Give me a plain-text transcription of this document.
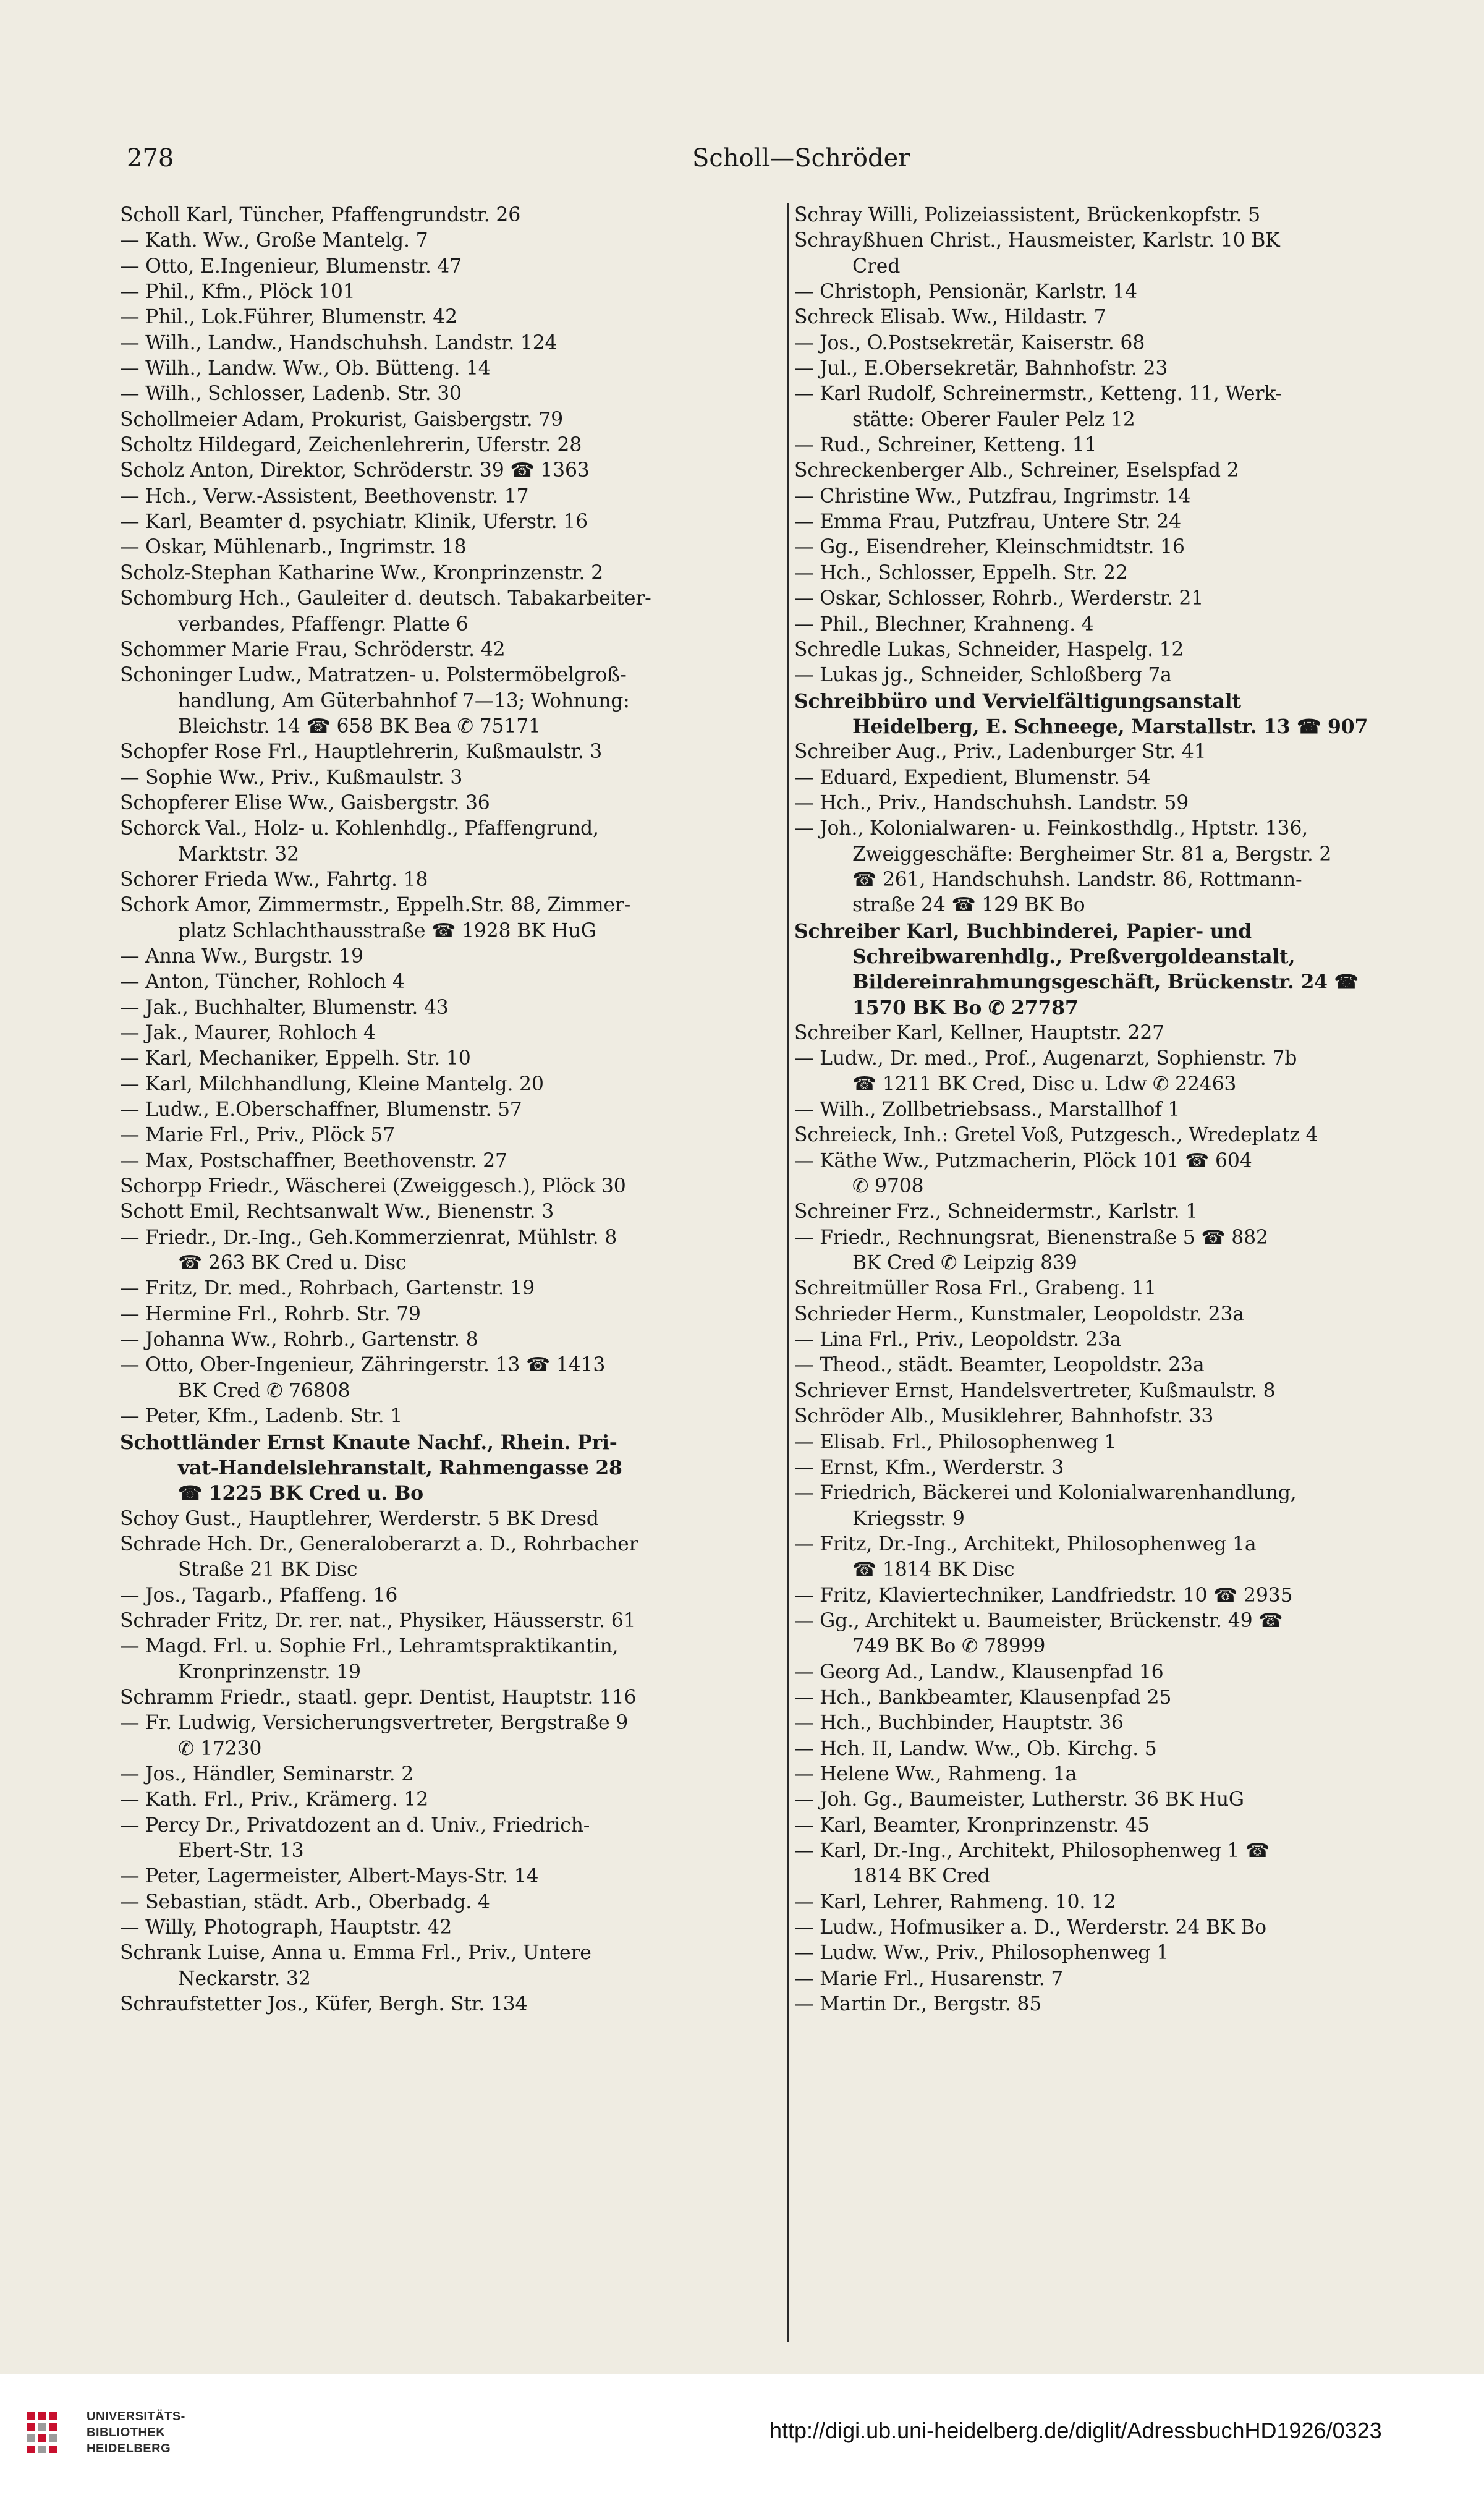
278	Scholl—Schröder
Scholl Karl, Tüncher, Pfaffengrundstr. 26
— Kath. Ww., Große Mantelg. 7
— Otto, E.Ingenieur, Blumenstr. 47
— Phil., Kfm., Plöck 101
— Phil., Lok.Führer, Blumenstr. 42
— Wilh., Landw., Handschuhsh. Landstr. 124
— Wilh., Landw. Ww., Ob. Bütteng. 14
— Wilh., Schlosser, Ladenb. Str. 30
Schollmeier Adam, Prokurist, Gaisbergstr. 79
Scholtz Hildegard, Zeichenlehrerin, Uferstr. 28
Scholz Anton, Direktor, Schröderstr. 39 ☎ 1363
— Hch., Verw.-Assistent, Beethovenstr. 17
— Karl, Beamter d. psychiatr. Klinik, Uferstr. 16
— Oskar, Mühlenarb., Ingrimstr. 18
Scholz-Stephan Katharine Ww., Kronprinzenstr. 2
Schomburg Hch., Gauleiter d. deutsch. Tabakarbeiter-
verbandes, Pfaffengr. Platte 6
Schommer Marie Frau, Schröderstr. 42
Schoninger Ludw., Matratzen- u. Polstermöbelgroß-
handlung, Am Güterbahnhof 7—13; Wohnung:
Bleichstr. 14 ☎ 658 BK Bea ✆ 75171
Schopfer Rose Frl., Hauptlehrerin, Kußmaulstr. 3
— Sophie Ww., Priv., Kußmaulstr. 3
Schopferer Elise Ww., Gaisbergstr. 36
Schorck Val., Holz- u. Kohlenhdlg., Pfaffengrund,
Marktstr. 32
Schorer Frieda Ww., Fahrtg. 18
Schork Amor, Zimmermstr., Eppelh.Str. 88, Zimmer-
platz Schlachthausstraße ☎ 1928 BK HuG
— Anna Ww., Burgstr. 19
— Anton, Tüncher, Rohloch 4
— Jak., Buchhalter, Blumenstr. 43
— Jak., Maurer, Rohloch 4
— Karl, Mechaniker, Eppelh. Str. 10
— Karl, Milchhandlung, Kleine Mantelg. 20
— Ludw., E.Oberschaffner, Blumenstr. 57
— Marie Frl., Priv., Plöck 57
— Max, Postschaffner, Beethovenstr. 27
Schorpp Friedr., Wäscherei (Zweiggesch.), Plöck 30
Schott Emil, Rechtsanwalt Ww., Bienenstr. 3
— Friedr., Dr.-Ing., Geh.Kommerzienrat, Mühlstr. 8
☎ 263 BK Cred u. Disc
— Fritz, Dr. med., Rohrbach, Gartenstr. 19
— Hermine Frl., Rohrb. Str. 79
— Johanna Ww., Rohrb., Gartenstr. 8
— Otto, Ober-Ingenieur, Zähringerstr. 13 ☎ 1413
BK Cred ✆ 76808
— Peter, Kfm., Ladenb. Str. 1
Schottländer Ernst Knaute Nachf., Rhein. Pri-
vat-Handelslehranstalt, Rahmengasse 28
☎ 1225 BK Cred u. Bo
Schoy Gust., Hauptlehrer, Werderstr. 5 BK Dresd
Schrade Hch. Dr., Generaloberarzt a. D., Rohrbacher
Straße 21 BK Disc
— Jos., Tagarb., Pfaffeng. 16
Schrader Fritz, Dr. rer. nat., Physiker, Häusserstr. 61
— Magd. Frl. u. Sophie Frl., Lehramtspraktikantin,
Kronprinzenstr. 19
Schramm Friedr., staatl. gepr. Dentist, Hauptstr. 116
— Fr. Ludwig, Versicherungsvertreter, Bergstraße 9
✆ 17230
— Jos., Händler, Seminarstr. 2
— Kath. Frl., Priv., Krämerg. 12
— Percy Dr., Privatdozent an d. Univ., Friedrich-
Ebert-Str. 13
— Peter, Lagermeister, Albert-Mays-Str. 14
— Sebastian, städt. Arb., Oberbadg. 4
— Willy, Photograph, Hauptstr. 42
Schrank Luise, Anna u. Emma Frl., Priv., Untere
Neckarstr. 32
Schraufstetter Jos., Küfer, Bergh. Str. 134
Schray Willi, Polizeiassistent, Brückenkopfstr. 5
Schrayßhuen Christ., Hausmeister, Karlstr. 10 BK
Cred
— Christoph, Pensionär, Karlstr. 14
Schreck Elisab. Ww., Hildastr. 7
— Jos., O.Postsekretär, Kaiserstr. 68
— Jul., E.Obersekretär, Bahnhofstr. 23
— Karl Rudolf, Schreinermstr., Ketteng. 11, Werk-
stätte: Oberer Fauler Pelz 12
— Rud., Schreiner, Ketteng. 11
Schreckenberger Alb., Schreiner, Eselspfad 2
— Christine Ww., Putzfrau, Ingrimstr. 14
— Emma Frau, Putzfrau, Untere Str. 24
— Gg., Eisendreher, Kleinschmidtstr. 16
— Hch., Schlosser, Eppelh. Str. 22
— Oskar, Schlosser, Rohrb., Werderstr. 21
— Phil., Blechner, Krahneng. 4
Schredle Lukas, Schneider, Haspelg. 12
— Lukas jg., Schneider, Schloßberg 7a
Schreibbüro und Vervielfältigungsanstalt
Heidelberg, E. Schneege, Marstallstr. 13 ☎ 907
Schreiber Aug., Priv., Ladenburger Str. 41
— Eduard, Expedient, Blumenstr. 54
— Hch., Priv., Handschuhsh. Landstr. 59
— Joh., Kolonialwaren- u. Feinkosthdlg., Hptstr. 136,
Zweiggeschäfte: Bergheimer Str. 81 a, Bergstr. 2
☎ 261, Handschuhsh. Landstr. 86, Rottmann-
straße 24 ☎ 129 BK Bo
Schreiber Karl, Buchbinderei, Papier- und
Schreibwarenhdlg., Preßvergoldeanstalt,
Bildereinrahmungsgeschäft, Brückenstr. 24 ☎
1570 BK Bo ✆ 27787
Schreiber Karl, Kellner, Hauptstr. 227
— Ludw., Dr. med., Prof., Augenarzt, Sophienstr. 7b
☎ 1211 BK Cred, Disc u. Ldw ✆ 22463
— Wilh., Zollbetriebsass., Marstallhof 1
Schreieck, Inh.: Gretel Voß, Putzgesch., Wredeplatz 4
— Käthe Ww., Putzmacherin, Plöck 101 ☎ 604
✆ 9708
Schreiner Frz., Schneidermstr., Karlstr. 1
— Friedr., Rechnungsrat, Bienenstraße 5 ☎ 882
BK Cred ✆ Leipzig 839
Schreitmüller Rosa Frl., Grabeng. 11
Schrieder Herm., Kunstmaler, Leopoldstr. 23a
— Lina Frl., Priv., Leopoldstr. 23a
— Theod., städt. Beamter, Leopoldstr. 23a
Schriever Ernst, Handelsvertreter, Kußmaulstr. 8
Schröder Alb., Musiklehrer, Bahnhofstr. 33
— Elisab. Frl., Philosophenweg 1
— Ernst, Kfm., Werderstr. 3
— Friedrich, Bäckerei und Kolonialwarenhandlung,
Kriegsstr. 9
— Fritz, Dr.-Ing., Architekt, Philosophenweg 1a
☎ 1814 BK Disc
— Fritz, Klaviertechniker, Landfriedstr. 10 ☎ 2935
— Gg., Architekt u. Baumeister, Brückenstr. 49 ☎
749 BK Bo ✆ 78999
— Georg Ad., Landw., Klausenpfad 16
— Hch., Bankbeamter, Klausenpfad 25
— Hch., Buchbinder, Hauptstr. 36
— Hch. II, Landw. Ww., Ob. Kirchg. 5
— Helene Ww., Rahmeng. 1a
— Joh. Gg., Baumeister, Lutherstr. 36 BK HuG
— Karl, Beamter, Kronprinzenstr. 45
— Karl, Dr.-Ing., Architekt, Philosophenweg 1 ☎
1814 BK Cred
— Karl, Lehrer, Rahmeng. 10. 12
— Ludw., Hofmusiker a. D., Werderstr. 24 BK Bo
— Ludw. Ww., Priv., Philosophenweg 1
— Marie Frl., Husarenstr. 7
— Martin Dr., Bergstr. 85
UNIVERSITÄTS-
BIBLIOTHEK
HEIDELBERG
http://digi.ub.uni-heidelberg.de/diglit/AdressbuchHD1926/0323
